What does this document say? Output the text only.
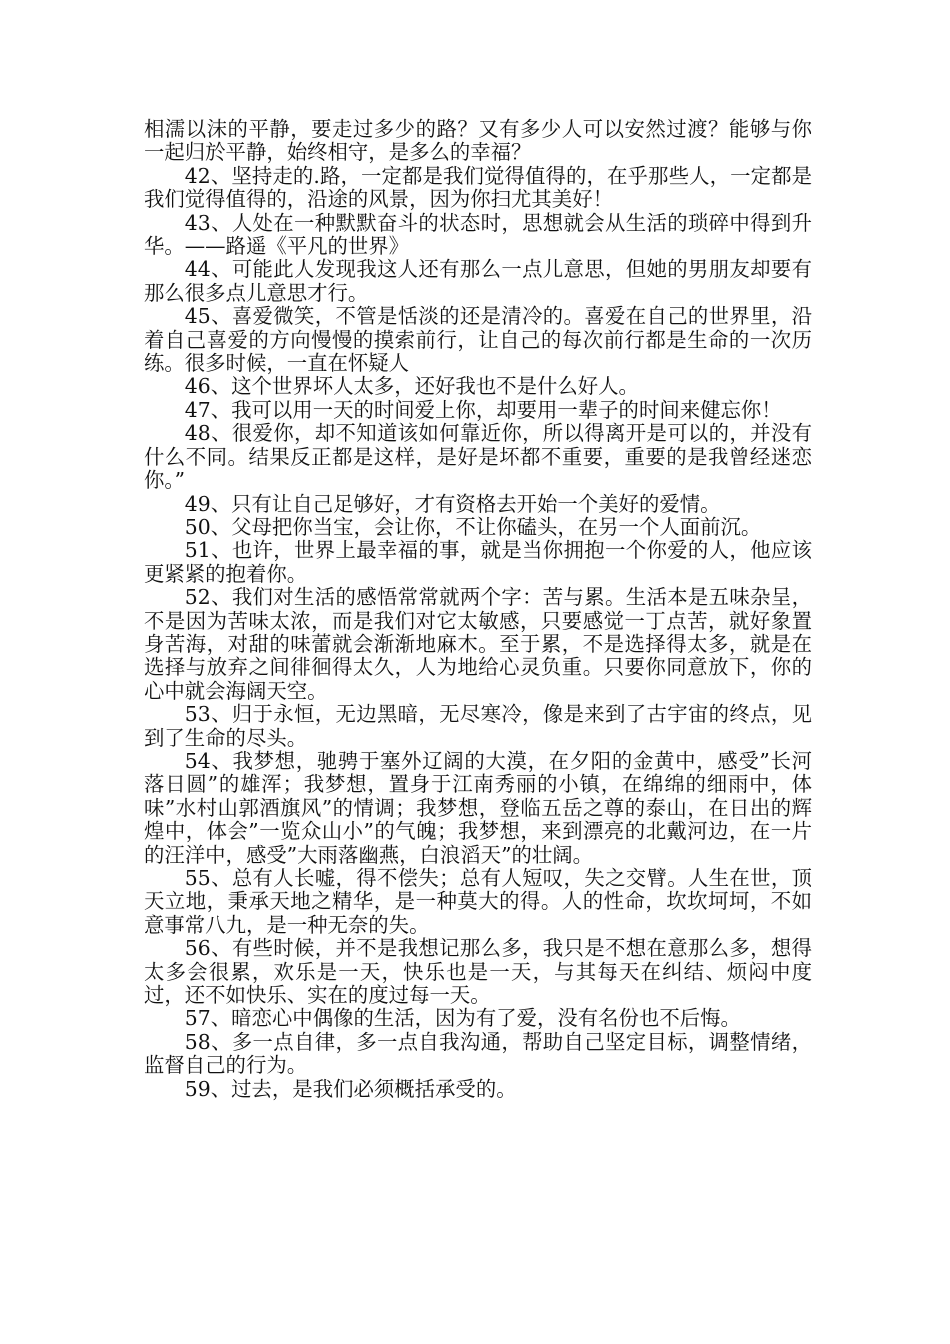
相濡以沫的平静，要走过多少的路？又有多少人可以安然过渡？能够与你一起归於平静，始终相守，是多么的幸福？

42、坚持走的.路，一定都是我们觉得值得的，在乎那些人，一定都是我们觉得值得的，沿途的风景，因为你扫尤其美好！

43、人处在一种默默奋斗的状态时，思想就会从生活的琐碎中得到升华。——路遥《平凡的世界》

44、可能此人发现我这人还有那么一点儿意思，但她的男朋友却要有那么很多点儿意思才行。

45、喜爱微笑，不管是恬淡的还是清冷的。喜爱在自己的世界里，沿着自己喜爱的方向慢慢的摸索前行，让自己的每次前行都是生命的一次历练。很多时候，一直在怀疑人

46、这个世界坏人太多，还好我也不是什么好人。

47、我可以用一天的时间爱上你，却要用一辈子的时间来健忘你！

48、很爱你，却不知道该如何靠近你，所以得离开是可以的，并没有什么不同。结果反正都是这样，是好是坏都不重要，重要的是我曾经迷恋你。”

49、只有让自己足够好，才有资格去开始一个美好的爱情。

50、父母把你当宝，会让你，不让你磕头，在另一个人面前沉。

51、也许，世界上最幸福的事，就是当你拥抱一个你爱的人，他应该更紧紧的抱着你。

52、我们对生活的感悟常常就两个字：苦与累。生活本是五味杂呈，不是因为苦味太浓，而是我们对它太敏感，只要感觉一丁点苦，就好象置身苦海，对甜的味蕾就会渐渐地麻木。至于累，不是选择得太多，就是在选择与放弃之间徘徊得太久，人为地给心灵负重。只要你同意放下，你的心中就会海阔天空。

53、归于永恒，无边黑暗，无尽寒冷，像是来到了古宇宙的终点，见到了生命的尽头。

54、我梦想，驰骋于塞外辽阔的大漠，在夕阳的金黄中，感受”长河落日圆”的雄浑；我梦想，置身于江南秀丽的小镇，在绵绵的细雨中，体味”水村山郭酒旗风”的情调；我梦想，登临五岳之尊的泰山，在日出的辉煌中，体会”一览众山小”的气魄；我梦想，来到漂亮的北戴河边，在一片的汪洋中，感受”大雨落幽燕，白浪滔天”的壮阔。

55、总有人长嘘，得不偿失；总有人短叹，失之交臂。人生在世，顶天立地，秉承天地之精华，是一种莫大的得。人的性命，坎坎坷坷，不如意事常八九，是一种无奈的失。

56、有些时候，并不是我想记那么多，我只是不想在意那么多，想得太多会很累，欢乐是一天，快乐也是一天，与其每天在纠结、烦闷中度过，还不如快乐、实在的度过每一天。

57、暗恋心中偶像的生活，因为有了爱，没有名份也不后悔。

58、多一点自律，多一点自我沟通，帮助自己坚定目标，调整情绪，监督自己的行为。

59、过去，是我们必须概括承受的。
